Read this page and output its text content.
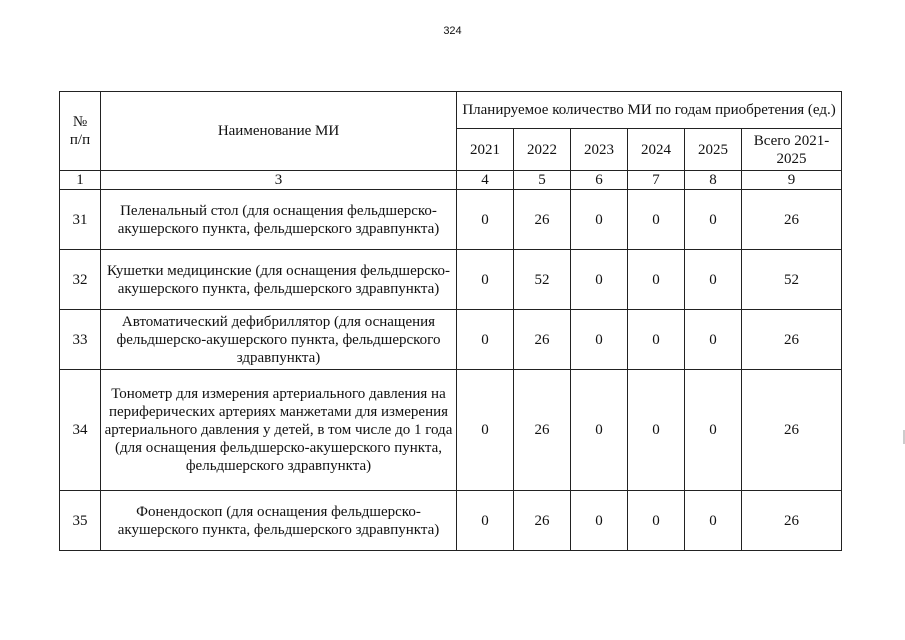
324
№
п/п	Наименование МИ	Планируемое количество МИ по годам приобретения (ед.)					
		2021	2022	2023	2024	2025	Всего 2021-2025
1	3	4	5	6	7	8	9
31	Пеленальный стол (для оснащения фельдшерско-акушерского пункта, фельдшерского здравпункта)	0	26	0	0	0	26
32	Кушетки медицинские (для оснащения фельдшерско-акушерского пункта, фельдшерского здравпункта)	0	52	0	0	0	52
33	Автоматический дефибриллятор (для оснащения фельдшерско-акушерского пункта, фельдшерского здравпункта)	0	26	0	0	0	26
34	Тонометр для измерения артериального давления на периферических артериях манжетами для измерения артериального давления у детей, в том числе до 1 года (для оснащения фельдшерско-акушерского пункта, фельдшерского здравпункта)	0	26	0	0	0	26
35	Фонендоскоп (для оснащения фельдшерско-акушерского пункта, фельдшерского здравпункта)	0	26	0	0	0	26
